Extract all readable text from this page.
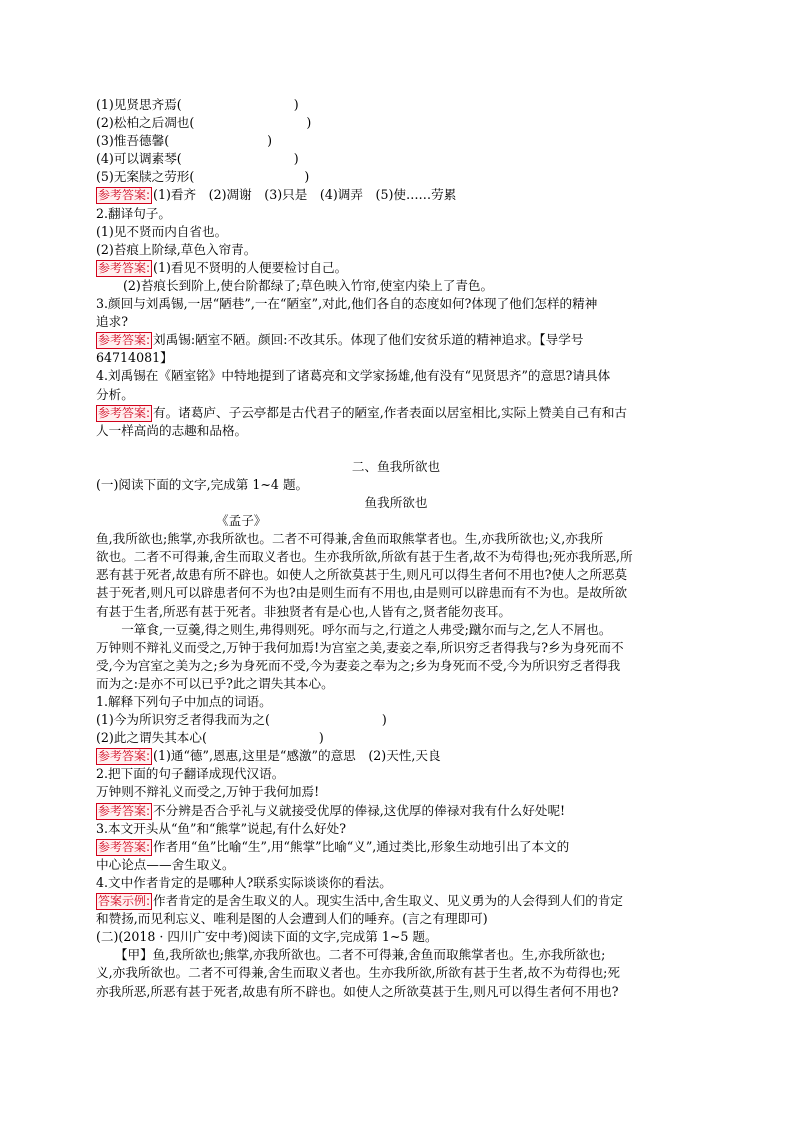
(1)见贤思齐焉(	)
(2)松柏之后凋也(	)
(3)惟吾德馨(	)
(4)可以调素琴(	)
(5)无案牍之劳形(	)
参考答案: (1)看齐　(2)凋谢　(3)只是　(4)调弄　(5)使……劳累
2.翻译句子。
(1)见不贤而内自省也。
(2)苔痕上阶绿,草色入帘青。
参考答案: (1)看见不贤明的人便要检讨自己。
(2)苔痕长到阶上,使台阶都绿了;草色映入竹帘,使室内染上了青色。
3.颜回与刘禹锡,一居“陋巷”,一在“陋室”,对此,他们各自的态度如何?体现了他们怎样的精神
追求?
参考答案: 刘禹锡:陋室不陋。颜回:不改其乐。体现了他们安贫乐道的精神追求。【导学号
64714081】
4.刘禹锡在《陋室铭》中特地提到了诸葛亮和文学家扬雄,他有没有“见贤思齐”的意思?请具体
分析。
参考答案: 有。诸葛庐、子云亭都是古代君子的陋室,作者表面以居室相比,实际上赞美自己有和古
人一样高尚的志趣和品格。
二、鱼我所欲也
(一)阅读下面的文字,完成第 1~4 题。
鱼我所欲也
《孟子》
鱼,我所欲也;熊掌,亦我所欲也。二者不可得兼,舍鱼而取熊掌者也。生,亦我所欲也;义,亦我所
欲也。二者不可得兼,舍生而取义者也。生亦我所欲,所欲有甚于生者,故不为苟得也;死亦我所恶,所
恶有甚于死者,故患有所不辟也。如使人之所欲莫甚于生,则凡可以得生者何不用也?使人之所恶莫
甚于死者,则凡可以辟患者何不为也?由是则生而有不用也,由是则可以辟患而有不为也。是故所欲
有甚于生者,所恶有甚于死者。非独贤者有是心也,人皆有之,贤者能勿丧耳。
　　一箪食,一豆羹,得之则生,弗得则死。呼尔而与之,行道之人弗受;蹴尔而与之,乞人不屑也。
万钟则不辩礼义而受之,万钟于我何加焉!为宫室之美,妻妾之奉,所识穷乏者得我与?乡为身死而不
受,今为宫室之美为之;乡为身死而不受,今为妻妾之奉为之;乡为身死而不受,今为所识穷乏者得我
而为之:是亦不可以已乎?此之谓失其本心。
1.解释下列句子中加点的词语。
(1)今为所识穷乏者得我而为之(	)
(2)此之谓失其本心(	)
参考答案: (1)通“德”,恩惠,这里是“感激”的意思　(2)天性,天良
2.把下面的句子翻译成现代汉语。
万钟则不辩礼义而受之,万钟于我何加焉!
参考答案: 不分辨是否合乎礼与义就接受优厚的俸禄,这优厚的俸禄对我有什么好处呢!
3.本文开头从“鱼”和“熊掌”说起,有什么好处?
参考答案: 作者用“鱼”比喻“生”,用“熊掌”比喻“义”,通过类比,形象生动地引出了本文的
中心论点——舍生取义。
4.文中作者肯定的是哪种人?联系实际谈谈你的看法。
答案示例: 作者肯定的是舍生取义的人。现实生活中,舍生取义、见义勇为的人会得到人们的肯定
和赞扬,而见利忘义、唯利是图的人会遭到人们的唾弃。(言之有理即可)
(二)(2018 · 四川广安中考)阅读下面的文字,完成第 1~5 题。
　　【甲】鱼,我所欲也;熊掌,亦我所欲也。二者不可得兼,舍鱼而取熊掌者也。生,亦我所欲也;
义,亦我所欲也。二者不可得兼,舍生而取义者也。生亦我所欲,所欲有甚于生者,故不为苟得也;死
亦我所恶,所恶有甚于死者,故患有所不辟也。如使人之所欲莫甚于生,则凡可以得生者何不用也?
